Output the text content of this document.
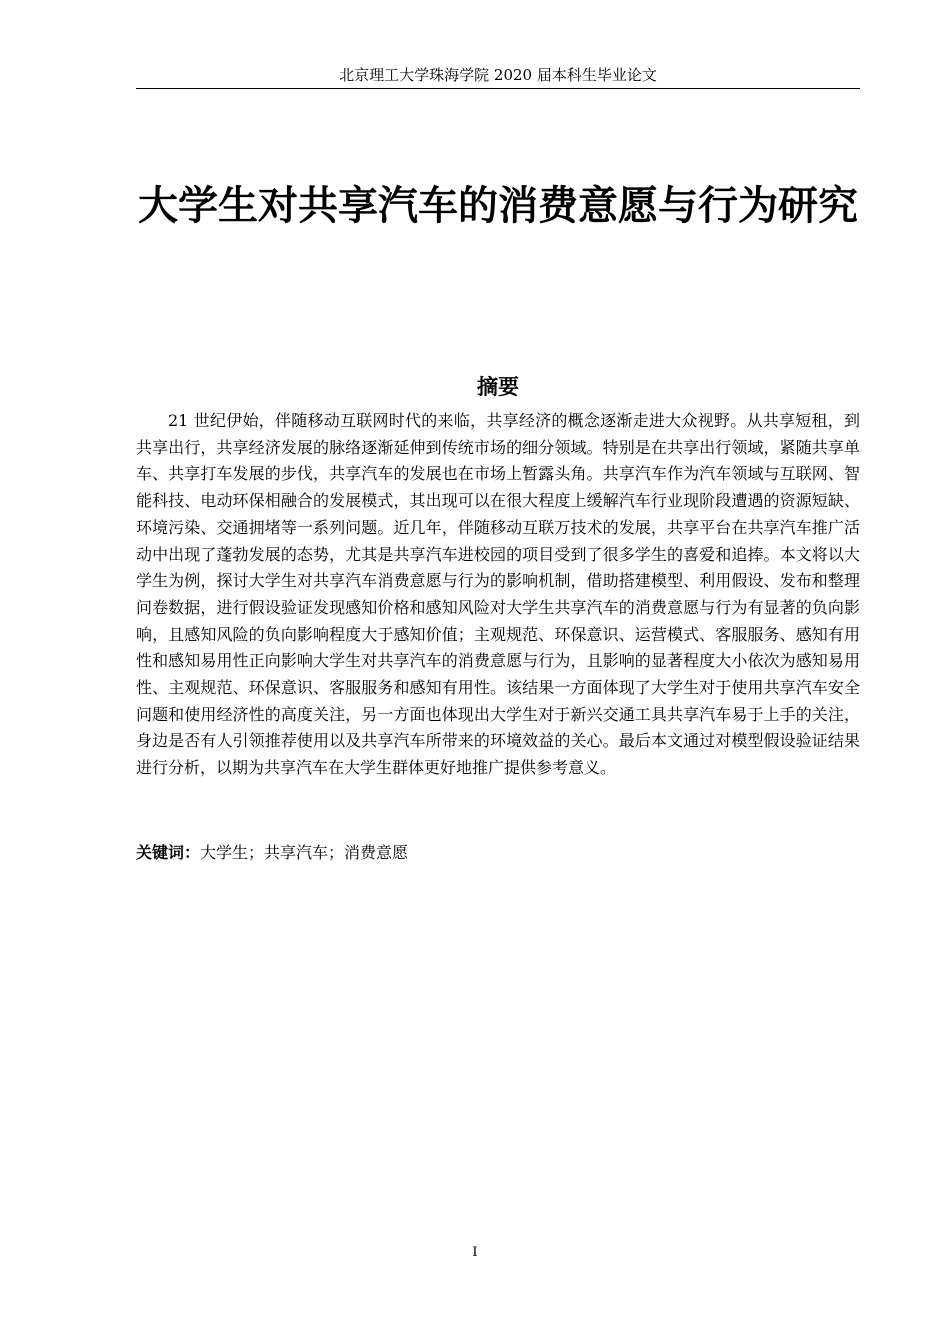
北京理工大学珠海学院 2020 届本科生毕业论文
大学生对共享汽车的消费意愿与行为研究
摘要

21 世纪伊始，伴随移动互联网时代的来临，共享经济的概念逐渐走进大众视野。从共享短租，到共享出行，共享经济发展的脉络逐渐延伸到传统市场的细分领域。特别是在共享出行领域，紧随共享单车、共享打车发展的步伐，共享汽车的发展也在市场上暂露头角。共享汽车作为汽车领域与互联网、智能科技、电动环保相融合的发展模式，其出现可以在很大程度上缓解汽车行业现阶段遭遇的资源短缺、环境污染、交通拥堵等一系列问题。近几年，伴随移动互联万技术的发展，共享平台在共享汽车推广活动中出现了蓬勃发展的态势，尤其是共享汽车进校园的项目受到了很多学生的喜爱和追捧。本文将以大学生为例，探讨大学生对共享汽车消费意愿与行为的影响机制，借助搭建模型、利用假设、发布和整理问卷数据，进行假设验证发现感知价格和感知风险对大学生共享汽车的消费意愿与行为有显著的负向影响，且感知风险的负向影响程度大于感知价值；主观规范、环保意识、运营模式、客服服务、感知有用性和感知易用性正向影响大学生对共享汽车的消费意愿与行为，且影响的显著程度大小依次为感知易用性、主观规范、环保意识、客服服务和感知有用性。该结果一方面体现了大学生对于使用共享汽车安全问题和使用经济性的高度关注，另一方面也体现出大学生对于新兴交通工具共享汽车易于上手的关注，身边是否有人引领推荐使用以及共享汽车所带来的环境效益的关心。最后本文通过对模型假设验证结果进行分析，以期为共享汽车在大学生群体更好地推广提供参考意义。

关键词：大学生；共享汽车；消费意愿

I
